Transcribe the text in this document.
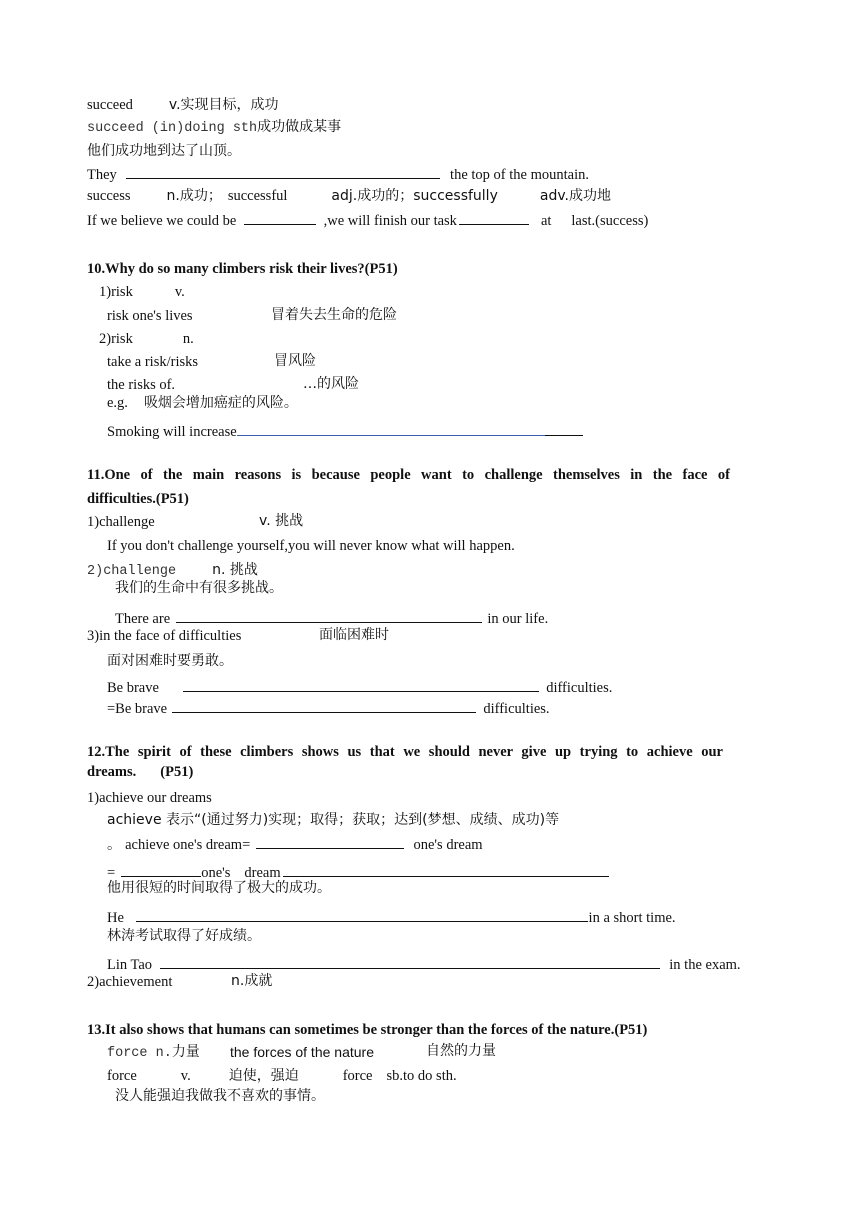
succeed	v.实现目标，成功
succeed (in)doing sth成功做成某事
他们成功地到达了山顶。
They	the top of the mountain.
success	n.成功； successful	adj.成功的；successfully	adv.成功地
If we believe we could be	,we will finish our task	at last.(success)
10.Why do so many climbers risk their lives?(P51)
1)risk	v.
risk one's lives	冒着失去生命的危险
2)risk	n.
take a risk/risks	冒风险
the risks of.	…的风险
e.g. 吸烟会增加癌症的风险。
Smoking will increase
11.One of the main reasons is because people want to challenge themselves in the face of
difficulties.(P51)
1)challenge	v. 挑战
If you don't challenge yourself,you will never know what will happen.
2)challenge	n. 挑战
我们的生命中有很多挑战。
There are	in our life.
3)in the face of difficulties	面临困难时
面对困难时要勇敢。
Be brave	difficulties.
=Be brave	difficulties.
12.The spirit of these climbers shows us that we should never give up trying to achieve our
dreams. (P51)
1)achieve our dreams
achieve 表示“(通过努力)实现；取得；获取；达到(梦想、成绩、成功)等
。 achieve one's dream=	one's dream
=	one's dream
他用很短的时间取得了极大的成功。
He	in a short time.
林涛考试取得了好成绩。
Lin Tao	in the exam.
2)achievement	n.成就
13.It also shows that humans can sometimes be stronger than the forces of the nature.(P51)
force n.力量 the forces of the nature	自然的力量
force	v.	迫使，强迫	force sb.to do sth.
没人能强迫我做我不喜欢的事情。
